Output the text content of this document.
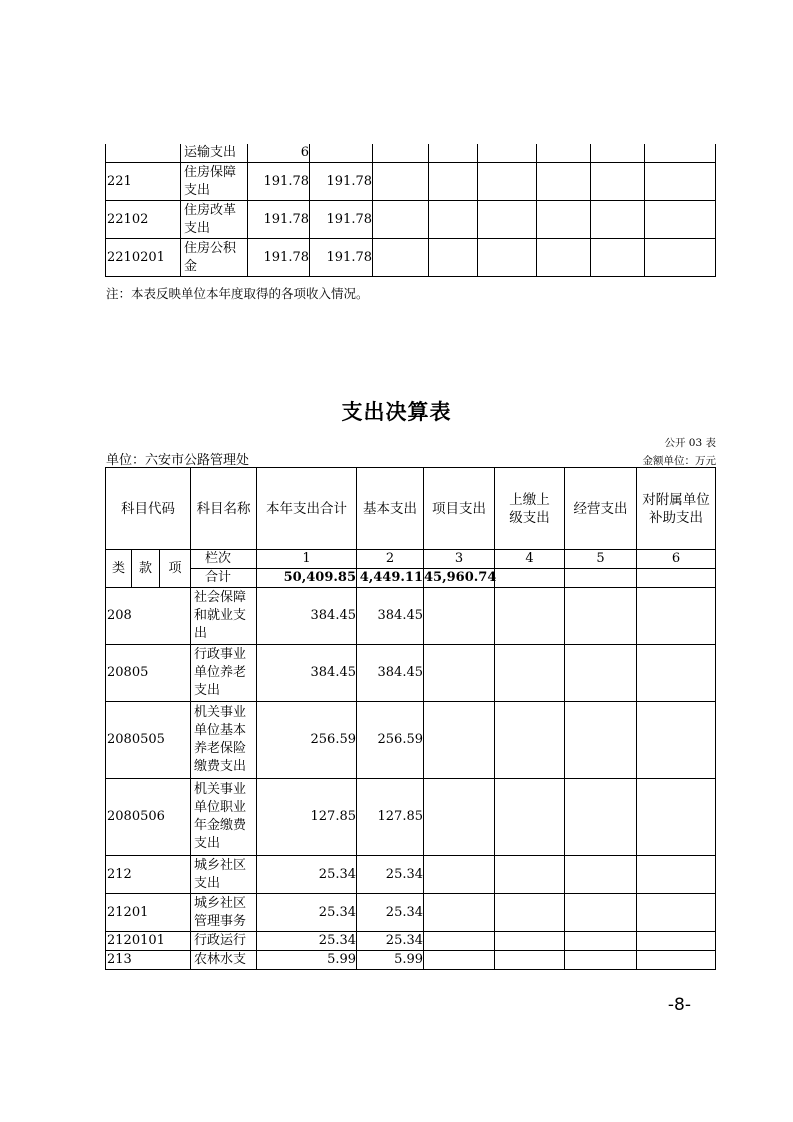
	运输支出	6							
221	住房保障支出	191.78	191.78						
22102	住房改革支出	191.78	191.78						
2210201	住房公积金	191.78	191.78						
注：本表反映单位本年度取得的各项收入情况。
支出决算表
公开 03 表
单位：六安市公路管理处	金额单位：万元
科目代码			科目名称	本年支出合计	基本支出	项目支出	上缴上级支出	经营支出	对附属单位补助支出
类	款	项	栏次	1	2	3	4	5	6
			合计	50,409.85	4,449.11	45,960.74			
208			社会保障和就业支出	384.45	384.45				
20805			行政事业单位养老支出	384.45	384.45				
2080505			机关事业单位基本养老保险缴费支出	256.59	256.59				
2080506			机关事业单位职业年金缴费支出	127.85	127.85				
212			城乡社区支出	25.34	25.34				
21201			城乡社区管理事务	25.34	25.34				
2120101			行政运行	25.34	25.34				
213			农林水支	5.99	5.99				
-8-
